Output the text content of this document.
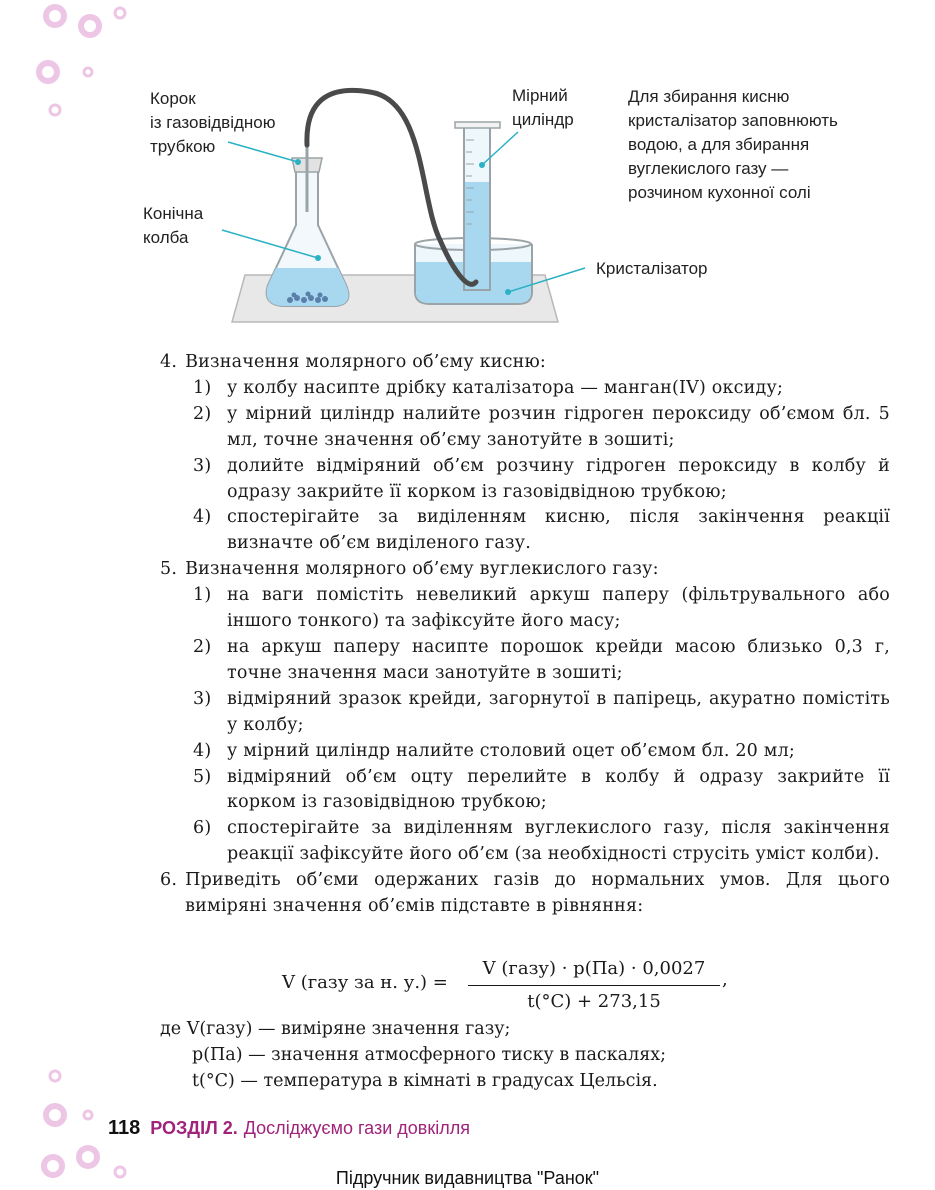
Корок
із газовідвідною
трубкою
Конічна
колба
Мірний
циліндр
Для збирання кисню
кристалізатор заповнюють
водою, а для збирання
вуглекислого газу —
розчином кухонної солі
Кристалізатор
4. Визначення молярного об’єму кисню:
1) у колбу насипте дрібку каталізатора — манган(IV) оксиду;
2) у мірний циліндр налийте розчин гідроген пероксиду об’ємом бл. 5 мл, точне значення об’єму занотуйте в зошиті;
3) долийте відміряний об’єм розчину гідроген пероксиду в колбу й одразу закрийте її корком із газовідвідною трубкою;
4) спостерігайте за виділенням кисню, після закінчення реакції визначте об’єм виділеного газу.
5. Визначення молярного об’єму вуглекислого газу:
1) на ваги помістіть невеликий аркуш паперу (фільтрувального або іншого тонкого) та зафіксуйте його масу;
2) на аркуш паперу насипте порошок крейди масою близько 0,3 г, точне значення маси занотуйте в зошиті;
3) відміряний зразок крейди, загорнутої в папірець, акуратно помістіть у колбу;
4) у мірний циліндр налийте столовий оцет об’ємом бл. 20 мл;
5) відміряний об’єм оцту перелийте в колбу й одразу закрийте її корком із газовідвідною трубкою;
6) спостерігайте за виділенням вуглекислого газу, після закінчення реакції зафіксуйте його об’єм (за необхідності струсіть уміст колби).
6. Приведіть об’єми одержаних газів до нормальних умов. Для цього виміряні значення об’ємів підставте в рівняння:
V (газу за н. у.) =
V (газу) · p(Па) · 0,0027
t(°C) + 273,15
,
де V(газу) — виміряне значення газу;
p(Па) — значення атмосферного тиску в паскалях;
t(°C) — температура в кімнаті в градусах Цельсія.
118 РОЗДІЛ 2. Досліджуємо гази довкілля
Підручник видавництва "Ранок"
